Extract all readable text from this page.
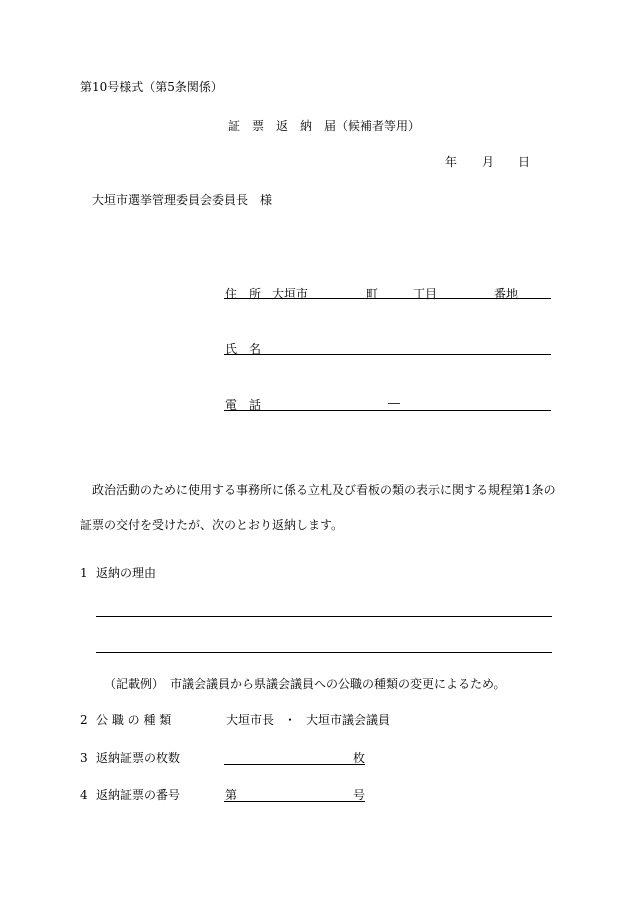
第10号様式（第5条関係）
証　票　返　納　届（候補者等用）
年 月 日
大垣市選挙管理委員会委員長　様
住　所 大垣市	町	丁目	番地
氏　名
電　話	―
政治活動のために使用する事務所に係る立札及び看板の類の表示に関する規程第1条の
証票の交付を受けたが、次のとおり返納します。
1 返納の理由
（記載例）　市議会議員から県議会議員への公職の種類の変更によるため。
2 公 職 の 種 類	大垣市長 ・ 大垣市議会議員
3 返納証票の枚数	枚
4 返納証票の番号	第	号
